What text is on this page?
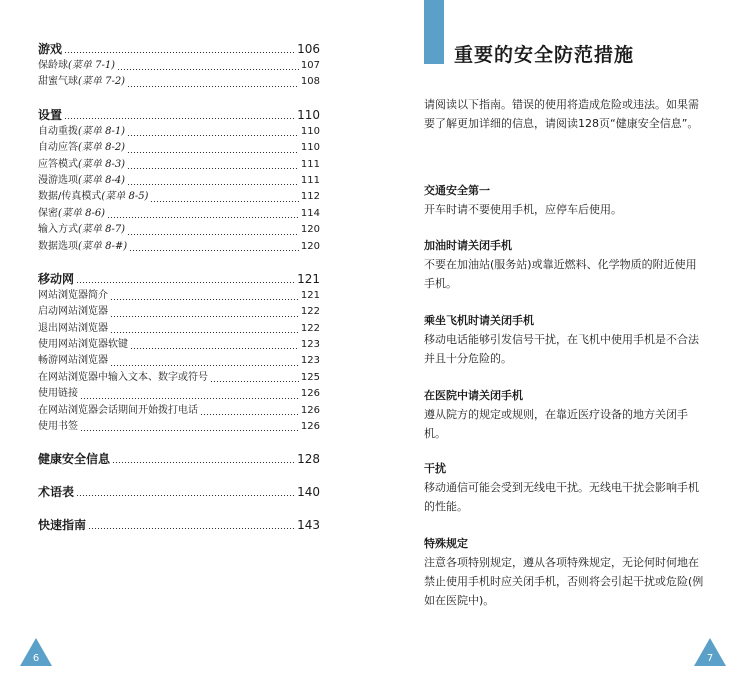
游戏	106
保龄球 (菜单 7-1)	107
甜蜜气球 (菜单 7-2)	108
设置	110
自动重拨 (菜单 8-1)	110
自动应答 (菜单 8-2)	110
应答模式 (菜单 8-3)	111
漫游选项 (菜单 8-4)	111
数据/传真模式 (菜单 8-5)	112
保密 (菜单 8-6)	114
输入方式 (菜单 8-7)	120
数据选项 (菜单 8-#)	120
移动网	121
网站浏览器简介	121
启动网站浏览器	122
退出网站浏览器	122
使用网站浏览器软键	123
畅游网站浏览器	123
在网站浏览器中输入文本、数字或符号	125
使用链接	126
在网站浏览器会话期间开始拨打电话	126
使用书签	126
健康安全信息	128
术语表	140
快速指南	143
6
重要的安全防范措施
请阅读以下指南。错误的使用将造成危险或违法。如果需要了解更加详细的信息，请阅读128页“健康安全信息”。
交通安全第一

开车时请不要使用手机，应停车后使用。

加油时请关闭手机

不要在加油站(服务站)或靠近燃料、化学物质的附近使用手机。

乘坐飞机时请关闭手机

移动电话能够引发信号干扰，在飞机中使用手机是不合法并且十分危险的。

在医院中请关闭手机

遵从院方的规定或规则，在靠近医疗设备的地方关闭手机。

干扰

移动通信可能会受到无线电干扰。无线电干扰会影响手机的性能。

特殊规定

注意各项特别规定，遵从各项特殊规定，无论何时何地在禁止使用手机时应关闭手机，否则将会引起干扰或危险(例如在医院中)。

7
